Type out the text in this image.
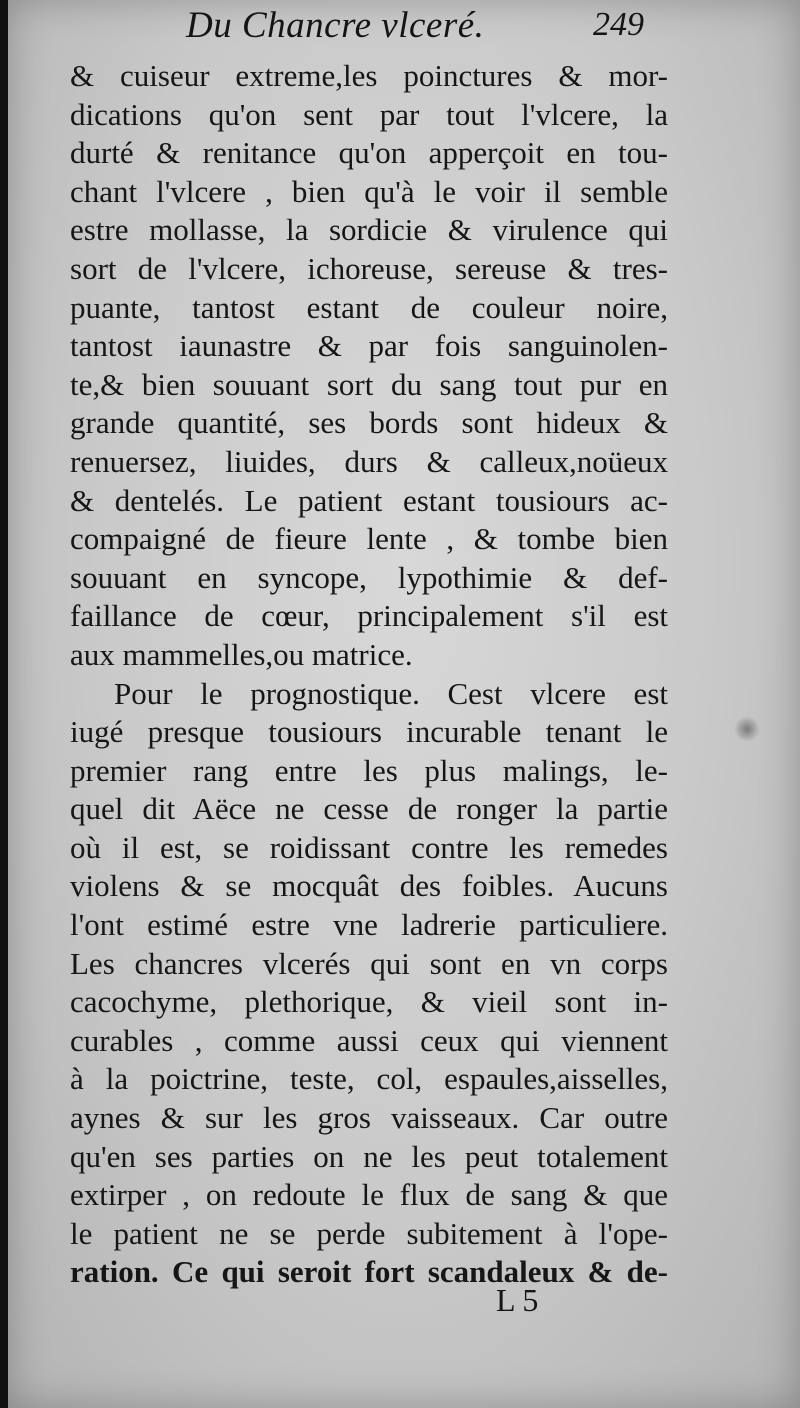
Du Chancre vlceré.	249
& cuiseur extreme,les poinctures & mor-
dications qu'on sent par tout l'vlcere, la
durté & renitance qu'on apperçoit en tou-
chant l'vlcere , bien qu'à le voir il semble
estre mollasse, la sordicie & virulence qui
sort de l'vlcere, ichoreuse, sereuse & tres-
puante, tantost estant de couleur noire,
tantost iaunastre & par fois sanguinolen-
te,& bien souuant sort du sang tout pur en
grande quantité, ses bords sont hideux &
renuersez, liuides, durs & calleux,noüeux
& dentelés. Le patient estant tousiours ac-
compaigné de fieure lente , & tombe bien
souuant en syncope, lypothimie & def-
faillance de cœur, principalement s'il est
aux mammelles,ou matrice.
Pour le prognostique. Cest vlcere est
iugé presque tousiours incurable tenant le
premier rang entre les plus malings, le-
quel dit Aëce ne cesse de ronger la partie
où il est, se roidissant contre les remedes
violens & se mocquât des foibles. Aucuns
l'ont estimé estre vne ladrerie particuliere.
Les chancres vlcerés qui sont en vn corps
cacochyme, plethorique, & vieil sont in-
curables , comme aussi ceux qui viennent
à la poictrine, teste, col, espaules,aisselles,
aynes & sur les gros vaisseaux. Car outre
qu'en ses parties on ne les peut totalement
extirper , on redoute le flux de sang & que
le patient ne se perde subitement à l'ope-
ration. Ce qui seroit fort scandaleux & de-
L 5
